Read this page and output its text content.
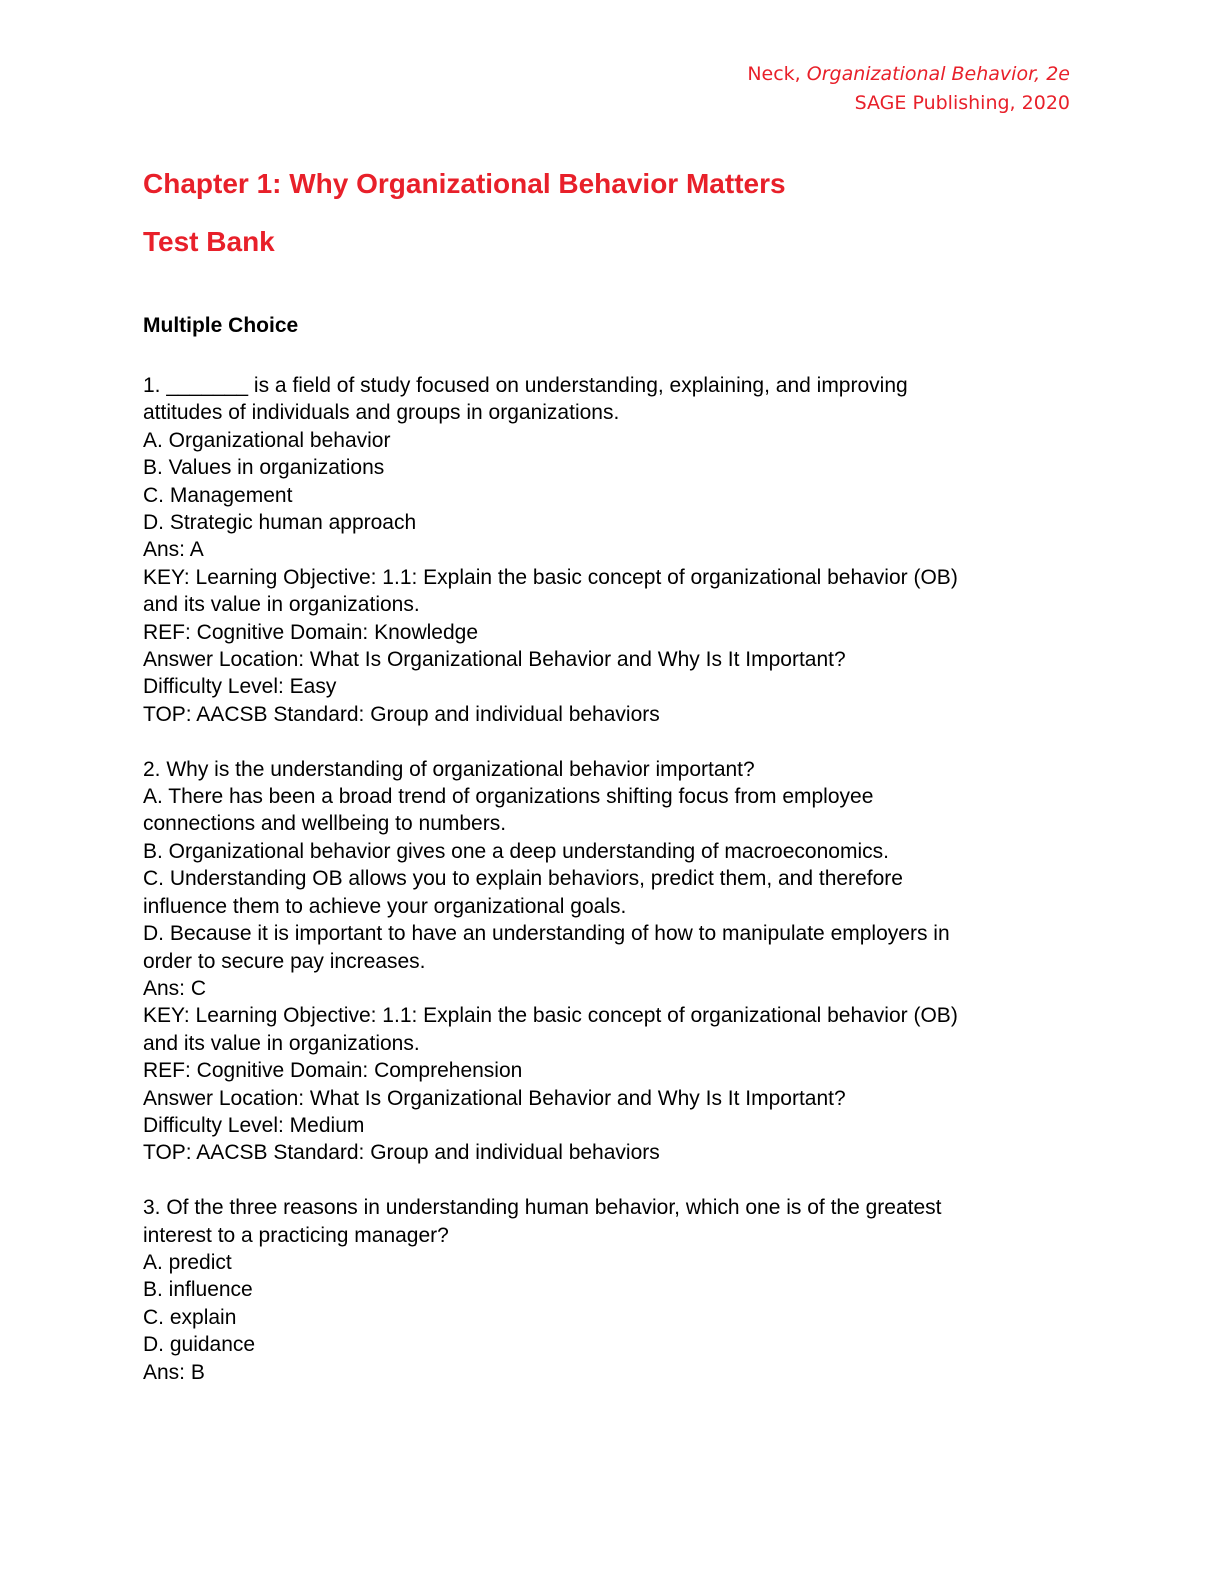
Neck, Organizational Behavior, 2e
SAGE Publishing, 2020
Chapter 1: Why Organizational Behavior Matters
Test Bank
Multiple Choice
1. _______ is a field of study focused on understanding, explaining, and improving
attitudes of individuals and groups in organizations.
A. Organizational behavior
B. Values in organizations
C. Management
D. Strategic human approach
Ans: A
KEY: Learning Objective: 1.1: Explain the basic concept of organizational behavior (OB)
and its value in organizations.
REF: Cognitive Domain: Knowledge
Answer Location: What Is Organizational Behavior and Why Is It Important?
Difficulty Level: Easy
TOP: AACSB Standard: Group and individual behaviors
2. Why is the understanding of organizational behavior important?
A. There has been a broad trend of organizations shifting focus from employee
connections and wellbeing to numbers.
B. Organizational behavior gives one a deep understanding of macroeconomics.
C. Understanding OB allows you to explain behaviors, predict them, and therefore
influence them to achieve your organizational goals.
D. Because it is important to have an understanding of how to manipulate employers in
order to secure pay increases.
Ans: C
KEY: Learning Objective: 1.1: Explain the basic concept of organizational behavior (OB)
and its value in organizations.
REF: Cognitive Domain: Comprehension
Answer Location: What Is Organizational Behavior and Why Is It Important?
Difficulty Level: Medium
TOP: AACSB Standard: Group and individual behaviors
3. Of the three reasons in understanding human behavior, which one is of the greatest
interest to a practicing manager?
A. predict
B. influence
C. explain
D. guidance
Ans: B
